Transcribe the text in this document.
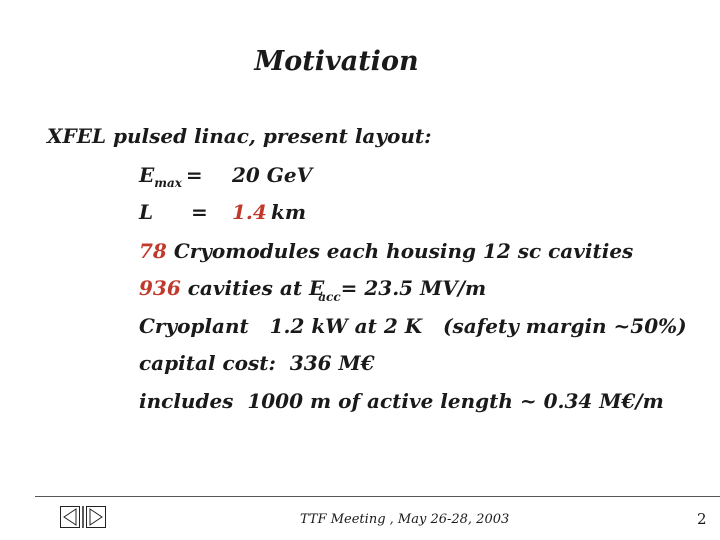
Motivation
XFEL pulsed linac, present layout:
$E_{max} = 20$ GeV
L = 1.4 km
78 Cryomodules each housing 12 sc cavities
936 cavities at $E_{acc}= 23.5$ MV/m
Cryoplant   1.2 kW at 2 K   (safety margin ~50%)
capital cost:  336 M€
includes  1000 m of active length ~ 0.34 M€/m
TTF Meeting , May 26-28, 2003	2
